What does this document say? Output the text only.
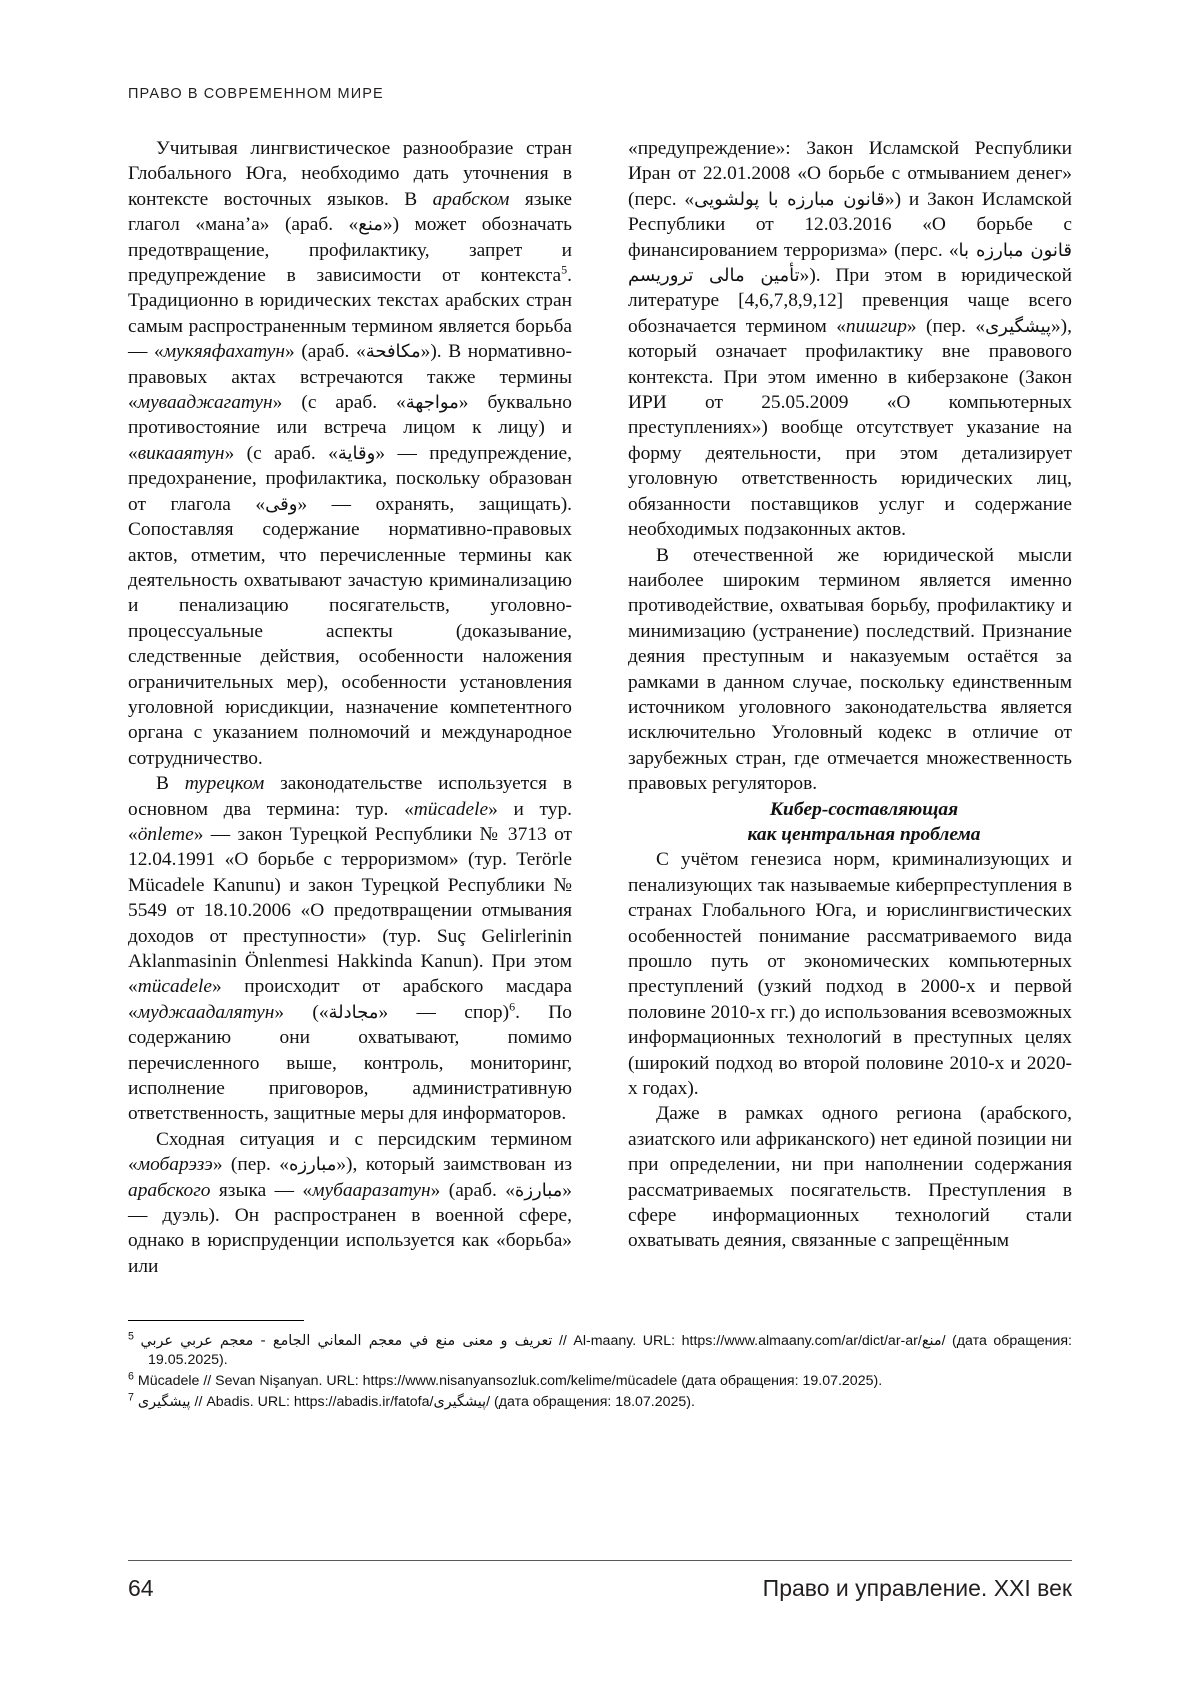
ПРАВО В СОВРЕМЕННОМ МИРЕ

Учитывая лингвистическое разнообразие стран Глобального Юга, необходимо дать уточнения в контексте восточных языков. В арабском языке глагол «мана’а» (араб. «منع») может обозначать предотвращение, профилактику, запрет и предупреждение в зависимости от контекста$^5$. Традиционно в юридических текстах арабских стран самым распространенным термином является борьба — «мукяяфахатун» (араб. «مكافحة»). В нормативно-правовых актах встречаются также термины «мувааджагатун» (с араб. «مواجهة» буквально противостояние или встреча лицом к лицу) и «викааятун» (с араб. «وقاية» — предупреждение, предохранение, профилактика, поскольку образован от глагола «وقى» — охранять, защищать). Сопоставляя содержание нормативно-правовых актов, отметим, что перечисленные термины как деятельность охватывают зачастую криминализацию и пенализацию посягательств, уголовно-процессуальные аспекты (доказывание, следственные действия, особенности наложения ограничительных мер), особенности установления уголовной юрисдикции, назначение компетентного органа с указанием полномочий и международное сотрудничество.

В турецком законодательстве используется в основном два термина: тур. «mücadele» и тур. «önleme» — закон Турецкой Республики № 3713 от 12.04.1991 «О борьбе с терроризмом» (тур. Terörle Mücadele Kanunu) и закон Турецкой Республики № 5549 от 18.10.2006 «О предотвращении отмывания доходов от преступности» (тур. Suç Gelirlerinin Aklanmasinin Önlenmesi Hakkinda Kanun). При этом «mücadele» происходит от арабского масдара «муджаадалятун» («مجادلة» — спор)$^6$. По содержанию они охватывают, помимо перечисленного выше, контроль, мониторинг, исполнение приговоров, административную ответственность, защитные меры для информаторов.

Сходная ситуация и с персидским термином «мобарэзэ» (пер. «مبارزه»), который заимствован из арабского языка — «мубааразатун» (араб. «مبارزة» — дуэль). Он распространен в военной сфере, однако в юриспруденции используется как «борьба» или

«предупреждение»: Закон Исламской Республики Иран от 22.01.2008 «О борьбе с отмыванием денег» (перс. «قانون مبارزه با پولشویی») и Закон Исламской Республики от 12.03.2016 «О борьбе с финансированием терроризма» (перс. «قانون مبارزه با تأمین مالی تروریسم»). При этом в юридической литературе [4,6,7,8,9,12] превенция чаще всего обозначается термином «пишгир» (пер. «پیشگیری»), который означает профилактику вне правового контекста. При этом именно в киберзаконе (Закон ИРИ от 25.05.2009 «О компьютерных преступлениях») вообще отсутствует указание на форму деятельности, при этом детализирует уголовную ответственность юридических лиц, обязанности поставщиков услуг и содержание необходимых подзаконных актов.

В отечественной же юридической мысли наиболее широким термином является именно противодействие, охватывая борьбу, профилактику и минимизацию (устранение) последствий. Признание деяния преступным и наказуемым остаётся за рамками в данном случае, поскольку единственным источником уголовного законодательства является исключительно Уголовный кодекс в отличие от зарубежных стран, где отмечается множественность правовых регуляторов.

Кибер-составляющая

как центральная проблема

С учётом генезиса норм, криминализующих и пенализующих так называемые киберпреступления в странах Глобального Юга, и юрислингвистических особенностей понимание рассматриваемого вида прошло путь от экономических компьютерных преступлений (узкий подход в 2000-х и первой половине 2010-х гг.) до использования всевозможных информационных технологий в преступных целях (широкий подход во второй половине 2010-х и 2020-х годах).

Даже в рамках одного региона (арабского, азиатского или африканского) нет единой позиции ни при определении, ни при наполнении содержания рассматриваемых посягательств. Преступления в сфере информационных технологий стали охватывать деяния, связанные с запрещённым

$^5$ تعريف و معنى منع في معجم المعاني الجامع - معجم عربي عربي // Al-maany. URL: https://www.almaany.com/ar/dict/ar-ar/منع/ (дата обращения: 19.05.2025).
$^6$ Mücadele // Sevan Nişanyan. URL: https://www.nisanyansozluk.com/kelime/mücadele (дата обращения: 19.07.2025).
$^7$ پیشگیری // Abadis. URL: https://abadis.ir/fatofa/پیشگیری/ (дата обращения: 18.07.2025).
64	Право и управление. XXI век
